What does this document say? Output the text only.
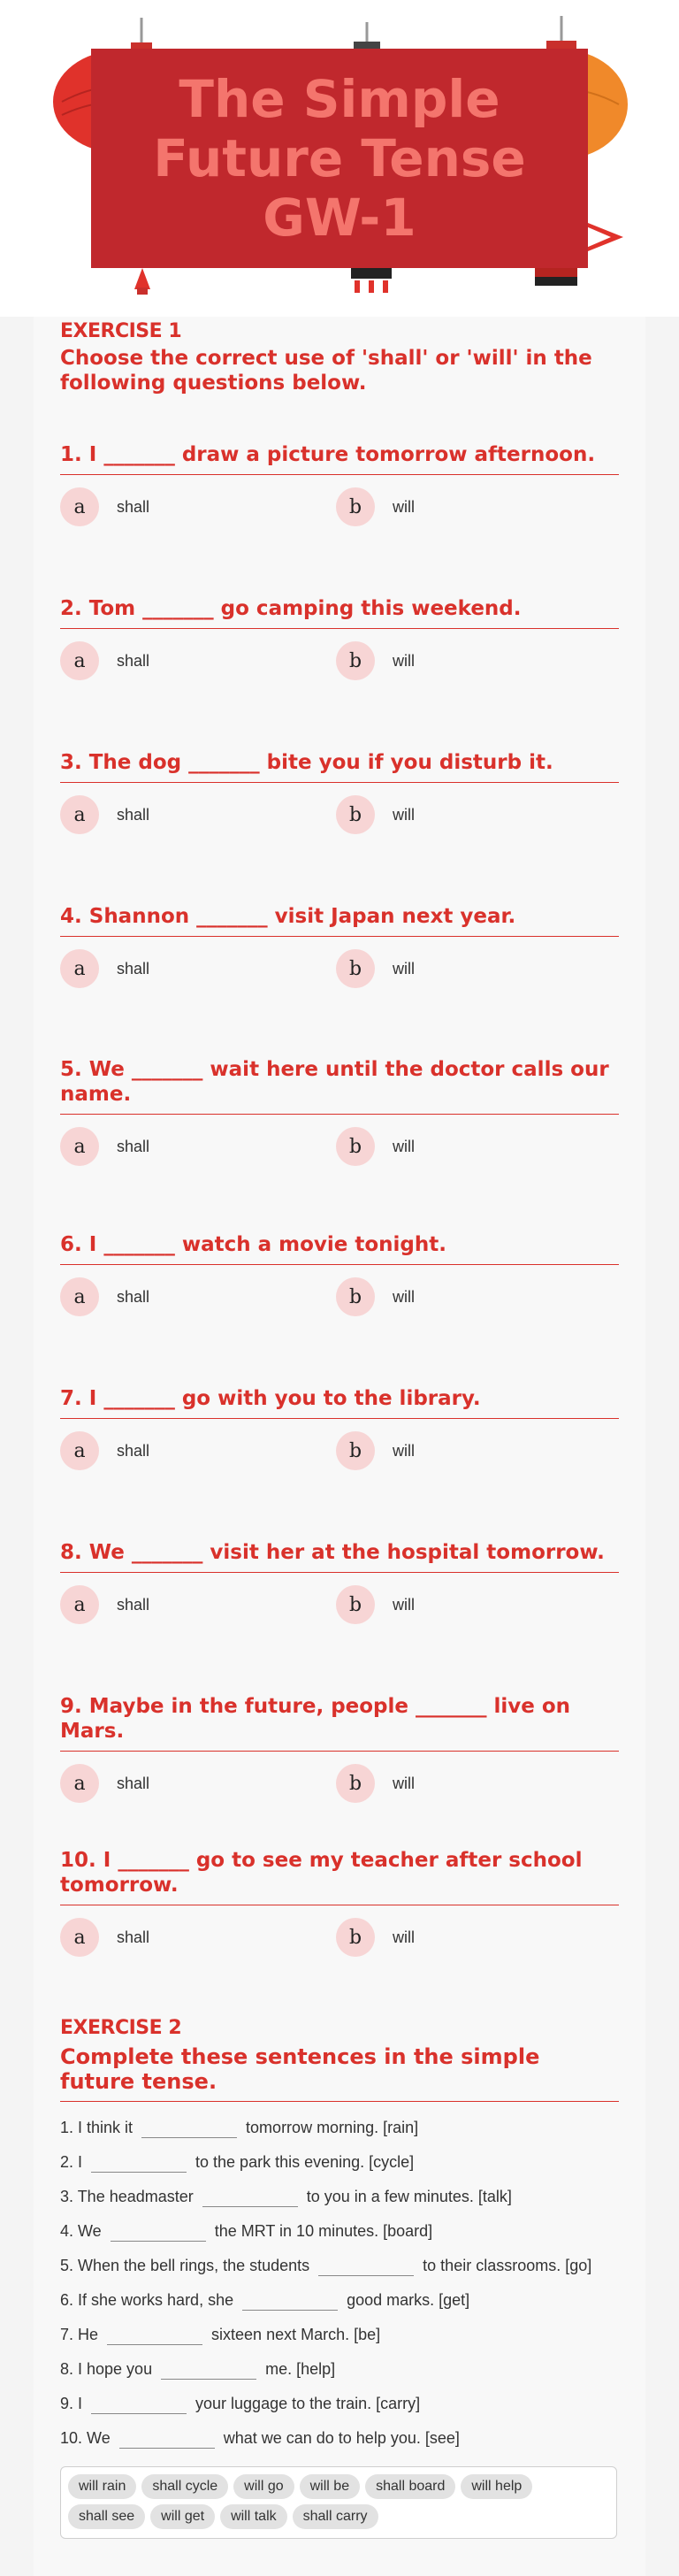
The Simple
Future Tense
GW-1

EXERCISE 1

Choose the correct use of 'shall' or 'will' in the following questions below.

1. I _______ draw a picture tomorrow afternoon.

a	shall	b	will

2. Tom _______ go camping this weekend.

a	shall	b	will

3. The dog _______ bite you if you disturb it.

a	shall	b	will

4. Shannon _______ visit Japan next year.

a	shall	b	will

5. We _______ wait here until the doctor calls our name.

a	shall	b	will

6. I _______ watch a movie tonight.

a	shall	b	will

7. I _______ go with you to the library.

a	shall	b	will

8. We _______ visit her at the hospital tomorrow.

a	shall	b	will

9. Maybe in the future, people _______ live on Mars.

a	shall	b	will

10. I _______ go to see my teacher after school tomorrow.

a	shall	b	will

EXERCISE 2

Complete these sentences in the simple future tense.

1. I think it	tomorrow morning. [rain]
2. I	to the park this evening. [cycle]
3. The headmaster	to you in a few minutes. [talk]
4. We	the MRT in 10 minutes. [board]
5. When the bell rings, the students	to their classrooms. [go]
6. If she works hard, she	good marks. [get]
7. He	sixteen next March. [be]
8. I hope you	me. [help]
9. I	your luggage to the train. [carry]
10. We	what we can do to help you. [see]
will rain shall cycle will go will be shall board will helpshall see will get will talk shall carry
